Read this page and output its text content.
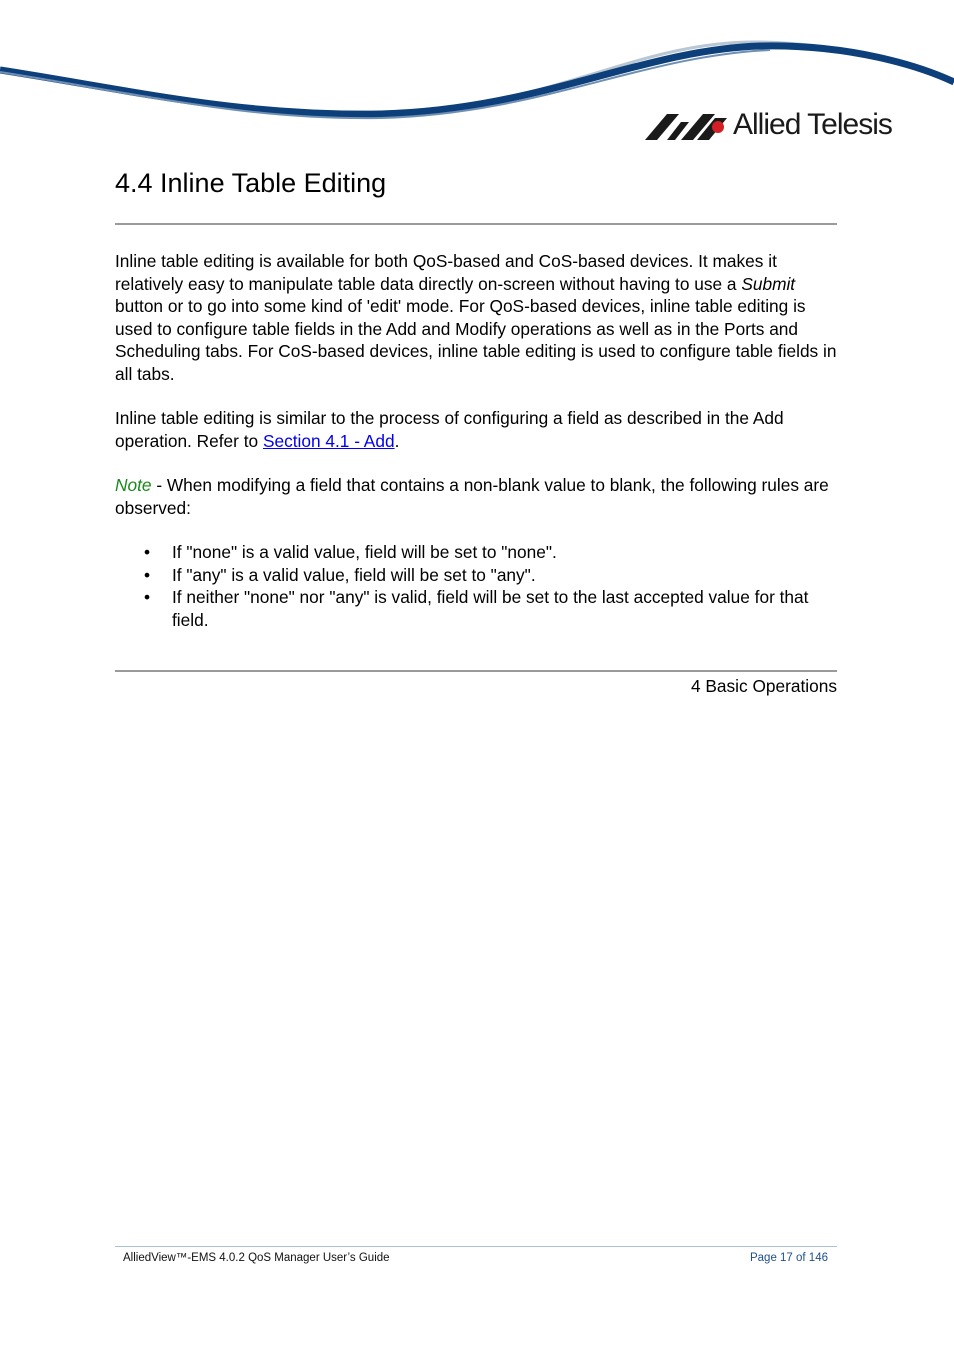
Allied Telesis
4.4 Inline Table Editing

Inline table editing is available for both QoS-based and CoS-based devices. It makes it relatively easy to manipulate table data directly on-screen without having to use a Submit button or to go into some kind of 'edit' mode. For QoS-based devices, inline table editing is used to configure table fields in the Add and Modify operations as well as in the Ports and Scheduling tabs. For CoS-based devices, inline table editing is used to configure table fields in all tabs.

Inline table editing is similar to the process of configuring a field as described in the Add operation. Refer to Section 4.1 - Add.

Note - When modifying a field that contains a non-blank value to blank, the following rules are observed:

• If "none" is a valid value, field will be set to "none".
• If "any" is a valid value, field will be set to "any".
• If neither "none" nor "any" is valid, field will be set to the last accepted value for that field.
4 Basic Operations
AlliedView™-EMS 4.0.2 QoS Manager User’s Guide	Page 17 of 146
